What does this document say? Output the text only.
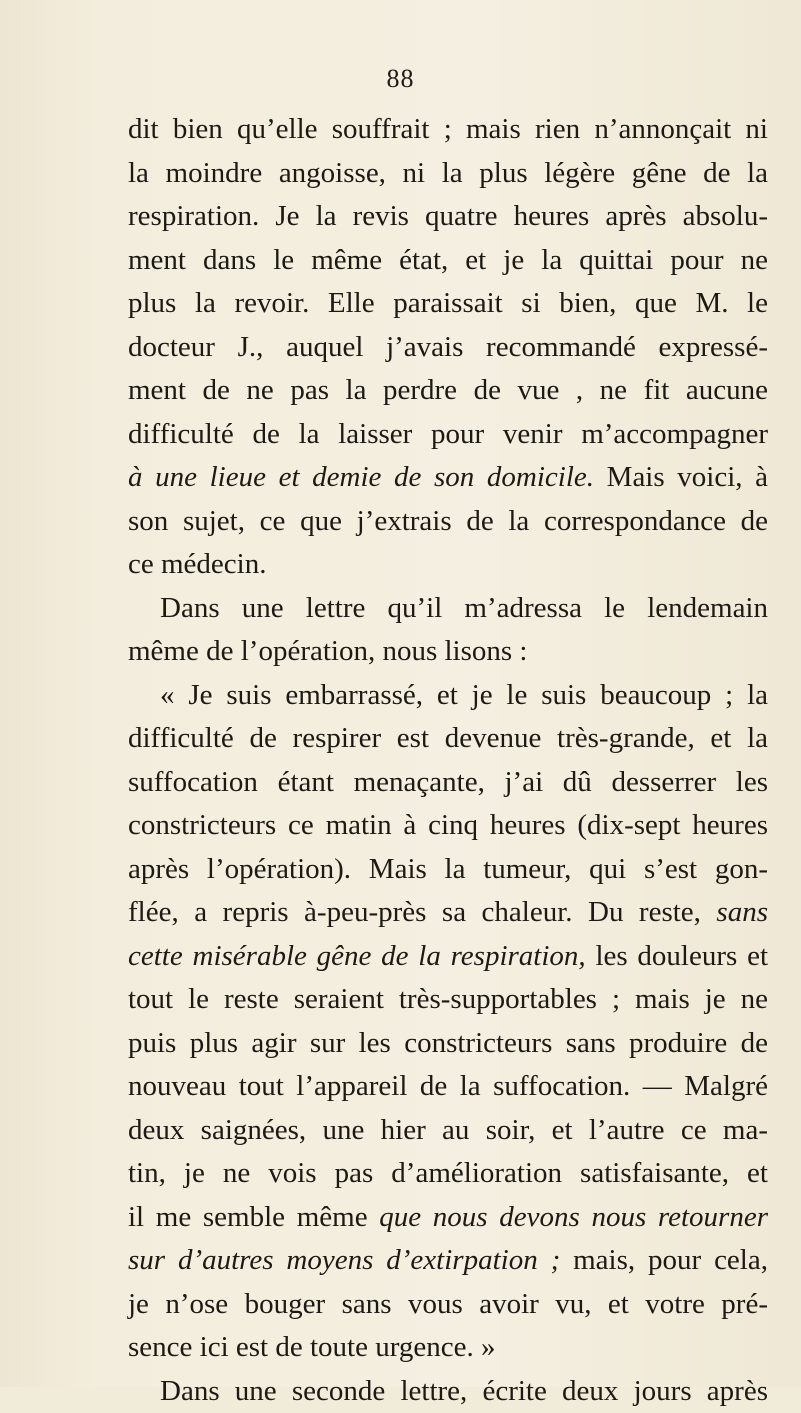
88
dit bien qu’elle souffrait ; mais rien n’annonçait ni
la moindre angoisse, ni la plus légère gêne de la
respiration. Je la revis quatre heures après absolu-
ment dans le même état, et je la quittai pour ne
plus la revoir. Elle paraissait si bien, que M. le
docteur J., auquel j’avais recommandé expressé-
ment de ne pas la perdre de vue , ne fit aucune
difficulté de la laisser pour venir m’accompagner
à une lieue et demie de son domicile. Mais voici, à
son sujet, ce que j’extrais de la correspondance de
ce médecin.
Dans une lettre qu’il m’adressa le lendemain
même de l’opération, nous lisons :
« Je suis embarrassé, et je le suis beaucoup ; la
difficulté de respirer est devenue très-grande, et la
suffocation étant menaçante, j’ai dû desserrer les
constricteurs ce matin à cinq heures (dix-sept heures
après l’opération). Mais la tumeur, qui s’est gon-
flée, a repris à-peu-près sa chaleur. Du reste, sans
cette misérable gêne de la respiration, les douleurs et
tout le reste seraient très-supportables ; mais je ne
puis plus agir sur les constricteurs sans produire de
nouveau tout l’appareil de la suffocation. — Malgré
deux saignées, une hier au soir, et l’autre ce ma-
tin, je ne vois pas d’amélioration satisfaisante, et
il me semble même que nous devons nous retourner
sur d’autres moyens d’extirpation ; mais, pour cela,
je n’ose bouger sans vous avoir vu, et votre pré-
sence ici est de toute urgence. »
Dans une seconde lettre, écrite deux jours après
